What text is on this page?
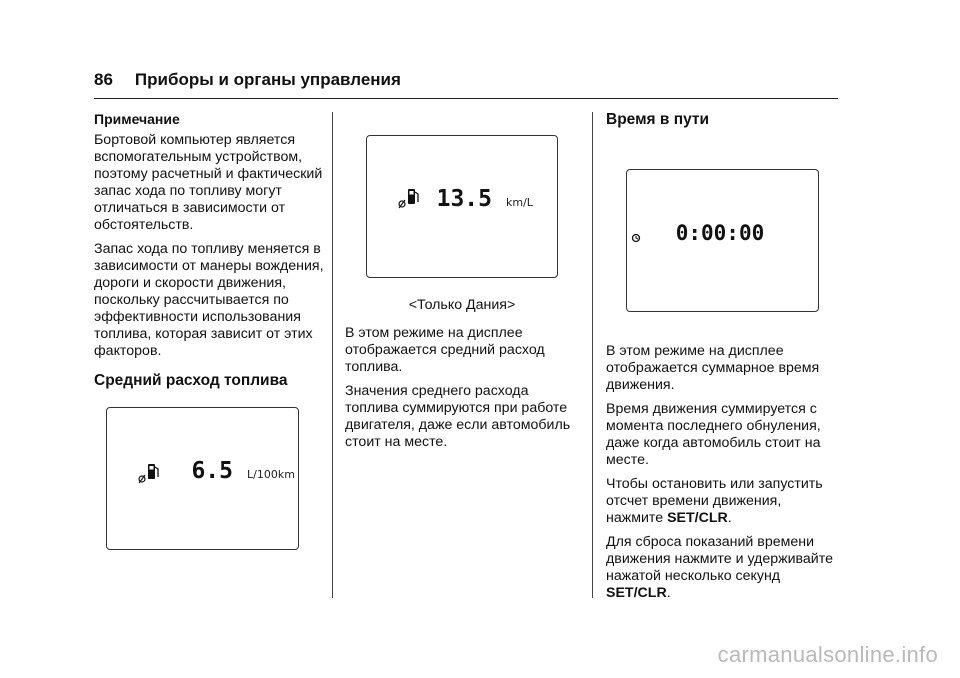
86 Приборы и органы управления
Примечание

Бортовой компьютер является вспомогательным устройством, поэтому расчетный и фактический запас хода по топливу могут отличаться в зависимости от обстоятельств.

Запас хода по топливу меняется в зависимости от манеры вождения, дороги и скорости движения, поскольку рассчитывается по эффективности использования топлива, которая зависит от этих факторов.

Средний расход топлива
6.5 L/100km
13.5 km/L
<Только Дания>

В этом режиме на дисплее отображается средний расход топлива.

Значения среднего расхода топлива суммируются при работе двигателя, даже если автомобиль стоит на месте.

Время в пути
0:00:00

В этом режиме на дисплее отображается суммарное время движения.

Время движения суммируется с момента последнего обнуления, даже когда автомобиль стоит на месте.

Чтобы остановить или запустить отсчет времени движения, нажмите SET/CLR.

Для сброса показаний времени движения нажмите и удерживайте нажатой несколько секунд SET/CLR.

carmanualsonline.info
